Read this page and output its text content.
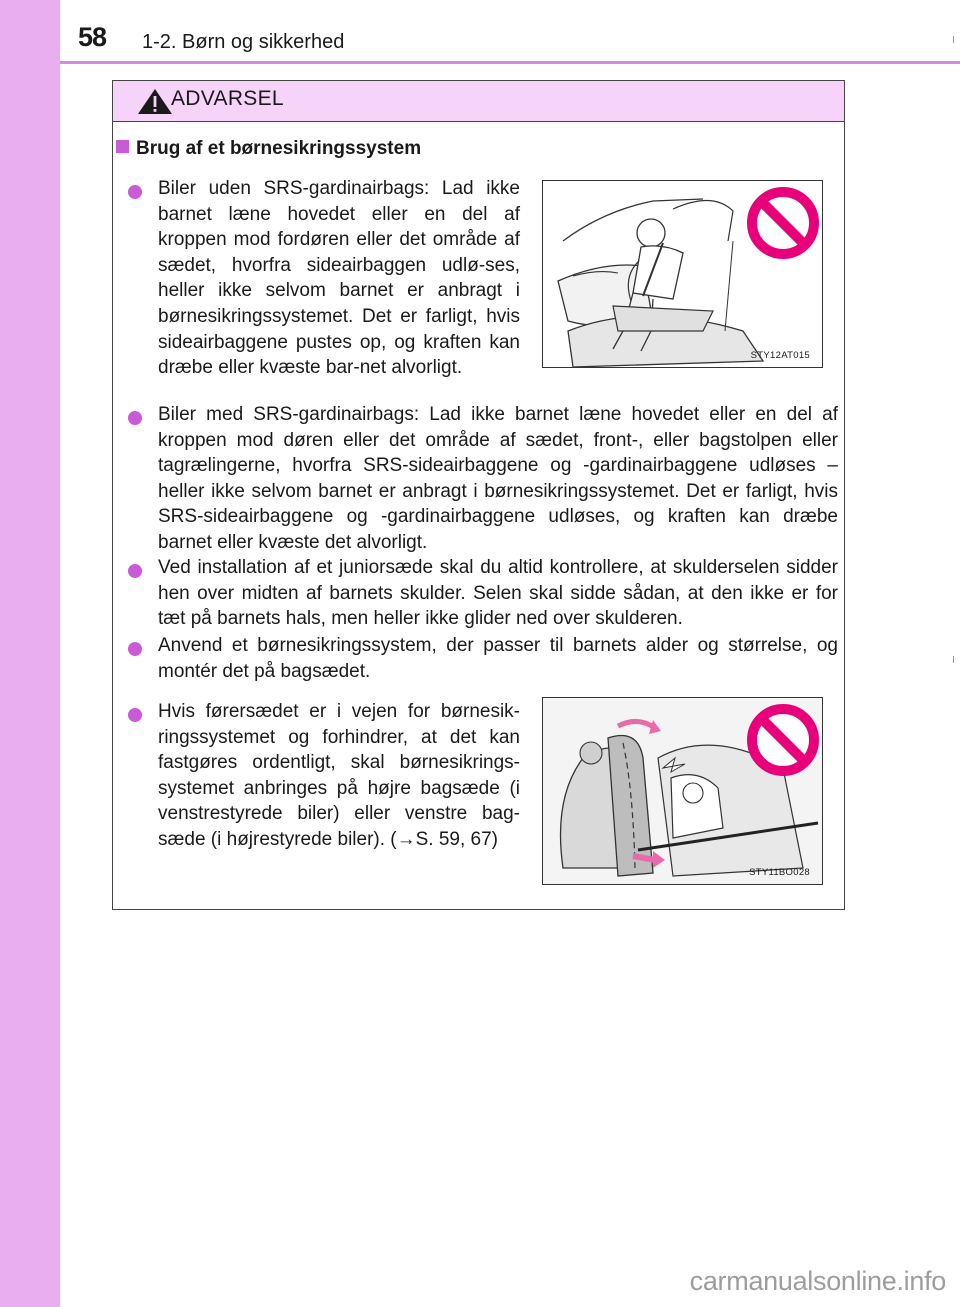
58 1-2. Børn og sikkerhed
ADVARSEL
Brug af et børnesikringssystem
Biler uden SRS-gardinairbags: Lad ikke barnet læne hovedet eller en del af kroppen mod fordøren eller det område af sædet, hvorfra sideairbaggen udlø-ses, heller ikke selvom barnet er anbragt i børnesikringssystemet. Det er farligt, hvis sideairbaggene pustes op, og kraften kan dræbe eller kvæste bar-net alvorligt.
STY12AT015
Biler med SRS-gardinairbags: Lad ikke barnet læne hovedet eller en del af kroppen mod døren eller det område af sædet, front-, eller bagstolpen eller tagrælingerne, hvorfra SRS-sideairbaggene og -gardinairbaggene udløses – heller ikke selvom barnet er anbragt i børnesikringssystemet. Det er farligt, hvis SRS-sideairbaggene og -gardinairbaggene udløses, og kraften kan dræbe barnet eller kvæste det alvorligt.
Ved installation af et juniorsæde skal du altid kontrollere, at skulderselen sidder hen over midten af barnets skulder. Selen skal sidde sådan, at den ikke er for tæt på barnets hals, men heller ikke glider ned over skulderen.
Anvend et børnesikringssystem, der passer til barnets alder og størrelse, og montér det på bagsædet.
Hvis førersædet er i vejen for børnesik-ringssystemet og forhindrer, at det kan fastgøres ordentligt, skal børnesikrings-systemet anbringes på højre bagsæde (i venstrestyrede biler) eller venstre bag-sæde (i højrestyrede biler). (→S. 59, 67)
STY11BO028
carmanualsonline.info
